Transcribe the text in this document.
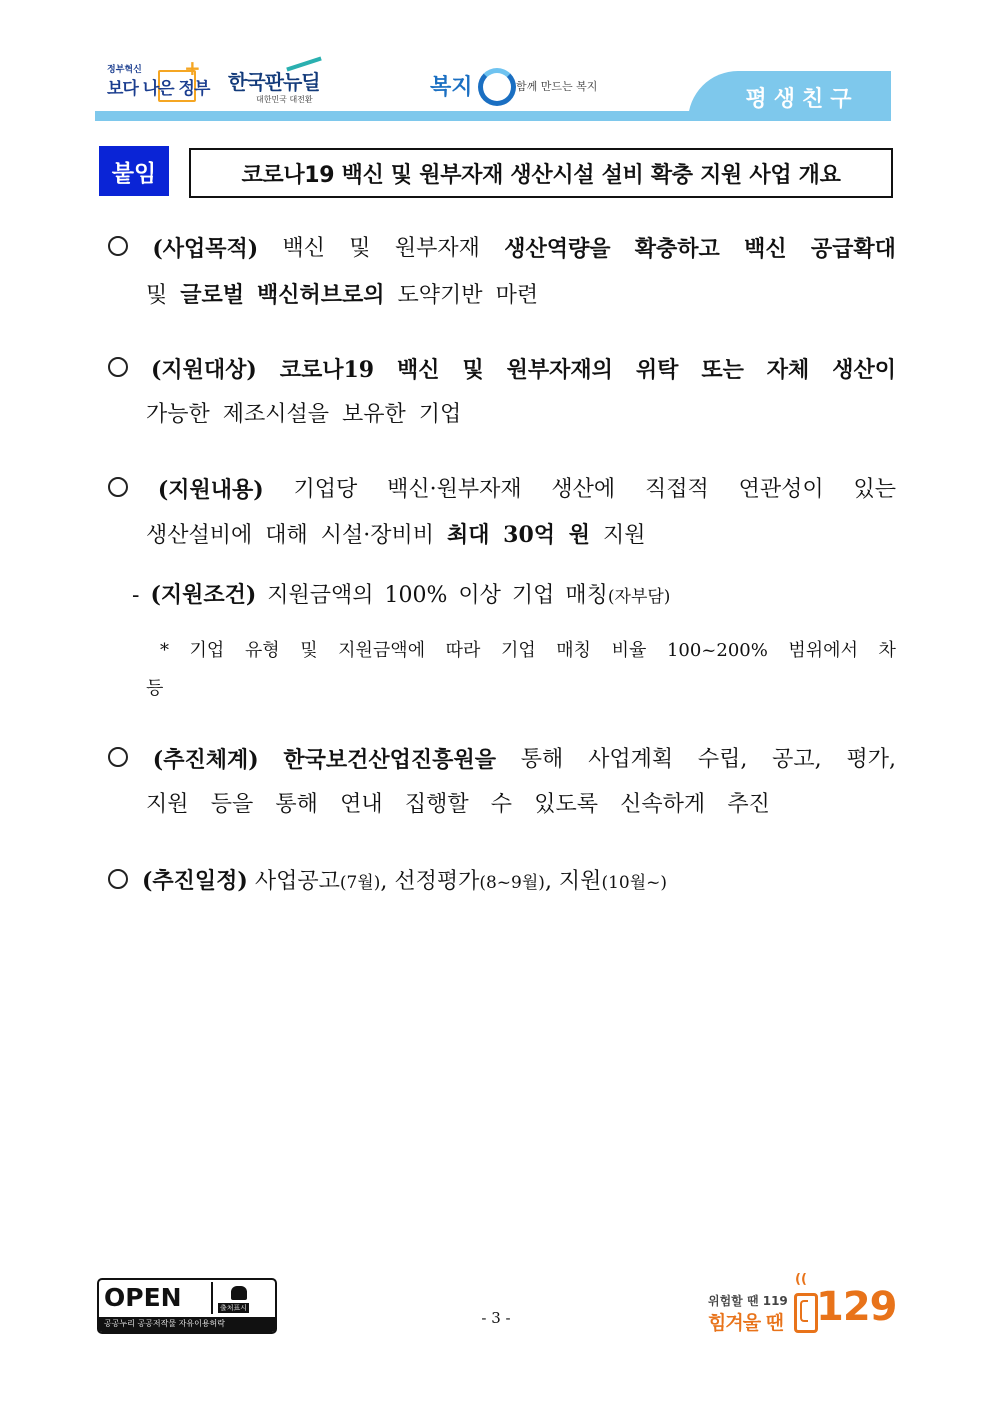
정부혁신
보다 나은 정부
+
한국판뉴딜
대한민국 대전환	복지	함께 만드는 복지
평생친구
붙임	코로나19 백신 및 원부자재 생산시설 설비 확충 지원 사업 개요
(사업목적) 백신 및 원부자재 생산역량을 확충하고 백신 공급확대
및 글로벌 백신허브로의 도약기반 마련
(지원대상) 코로나19 백신 및 원부자재의 위탁 또는 자체 생산이
가능한 제조시설을 보유한 기업
(지원내용) 기업당 백신·원부자재 생산에 직접적 연관성이 있는
생산설비에 대해 시설·장비비 최대 30억 원 지원
- (지원조건) 지원금액의 100% 이상 기업 매칭(자부담)
* 기업 유형 및 지원금액에 따라 기업 매칭 비율 100~200% 범위에서 차
등
(추진체계) 한국보건산업진흥원을 통해 사업계획 수립, 공고, 평가,
지원 등을 통해 연내 집행할 수 있도록 신속하게 추진
(추진일정) 사업공고(7월), 선정평가(8~9월), 지원(10월~)
OPEN	출처표시
공공누리 공공저작물 자유이용허락	- 3 -
위험할 땐 119
힘겨울 땐
((
129
